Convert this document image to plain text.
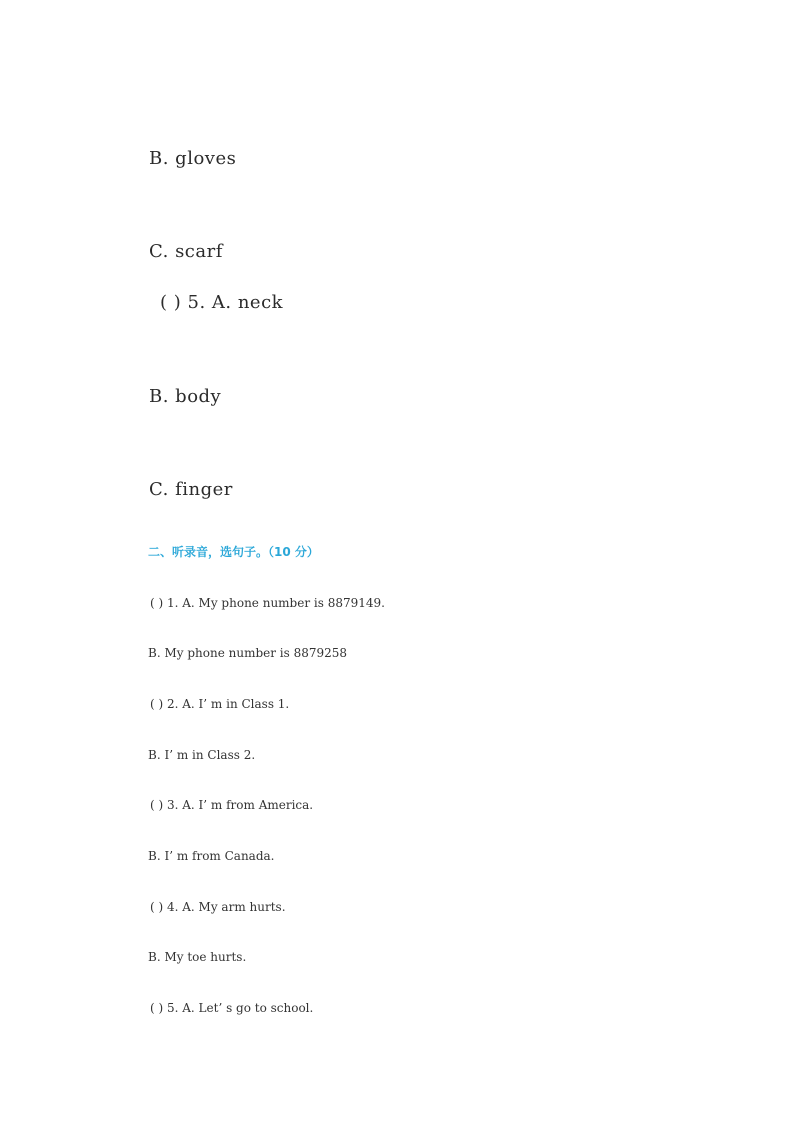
B. gloves

C. scarf

( ) 5. A. neck

B. body

C. finger

二、听录音，选句子。（10 分）

( ) 1. A. My phone number is 8879149.

B. My phone number is 8879258

( ) 2. A. I’ m in Class 1.

B. I’ m in Class 2.

( ) 3. A. I’ m from America.

B. I’ m from Canada.

( ) 4. A. My arm hurts.

B. My toe hurts.

( ) 5. A. Let’ s go to school.
